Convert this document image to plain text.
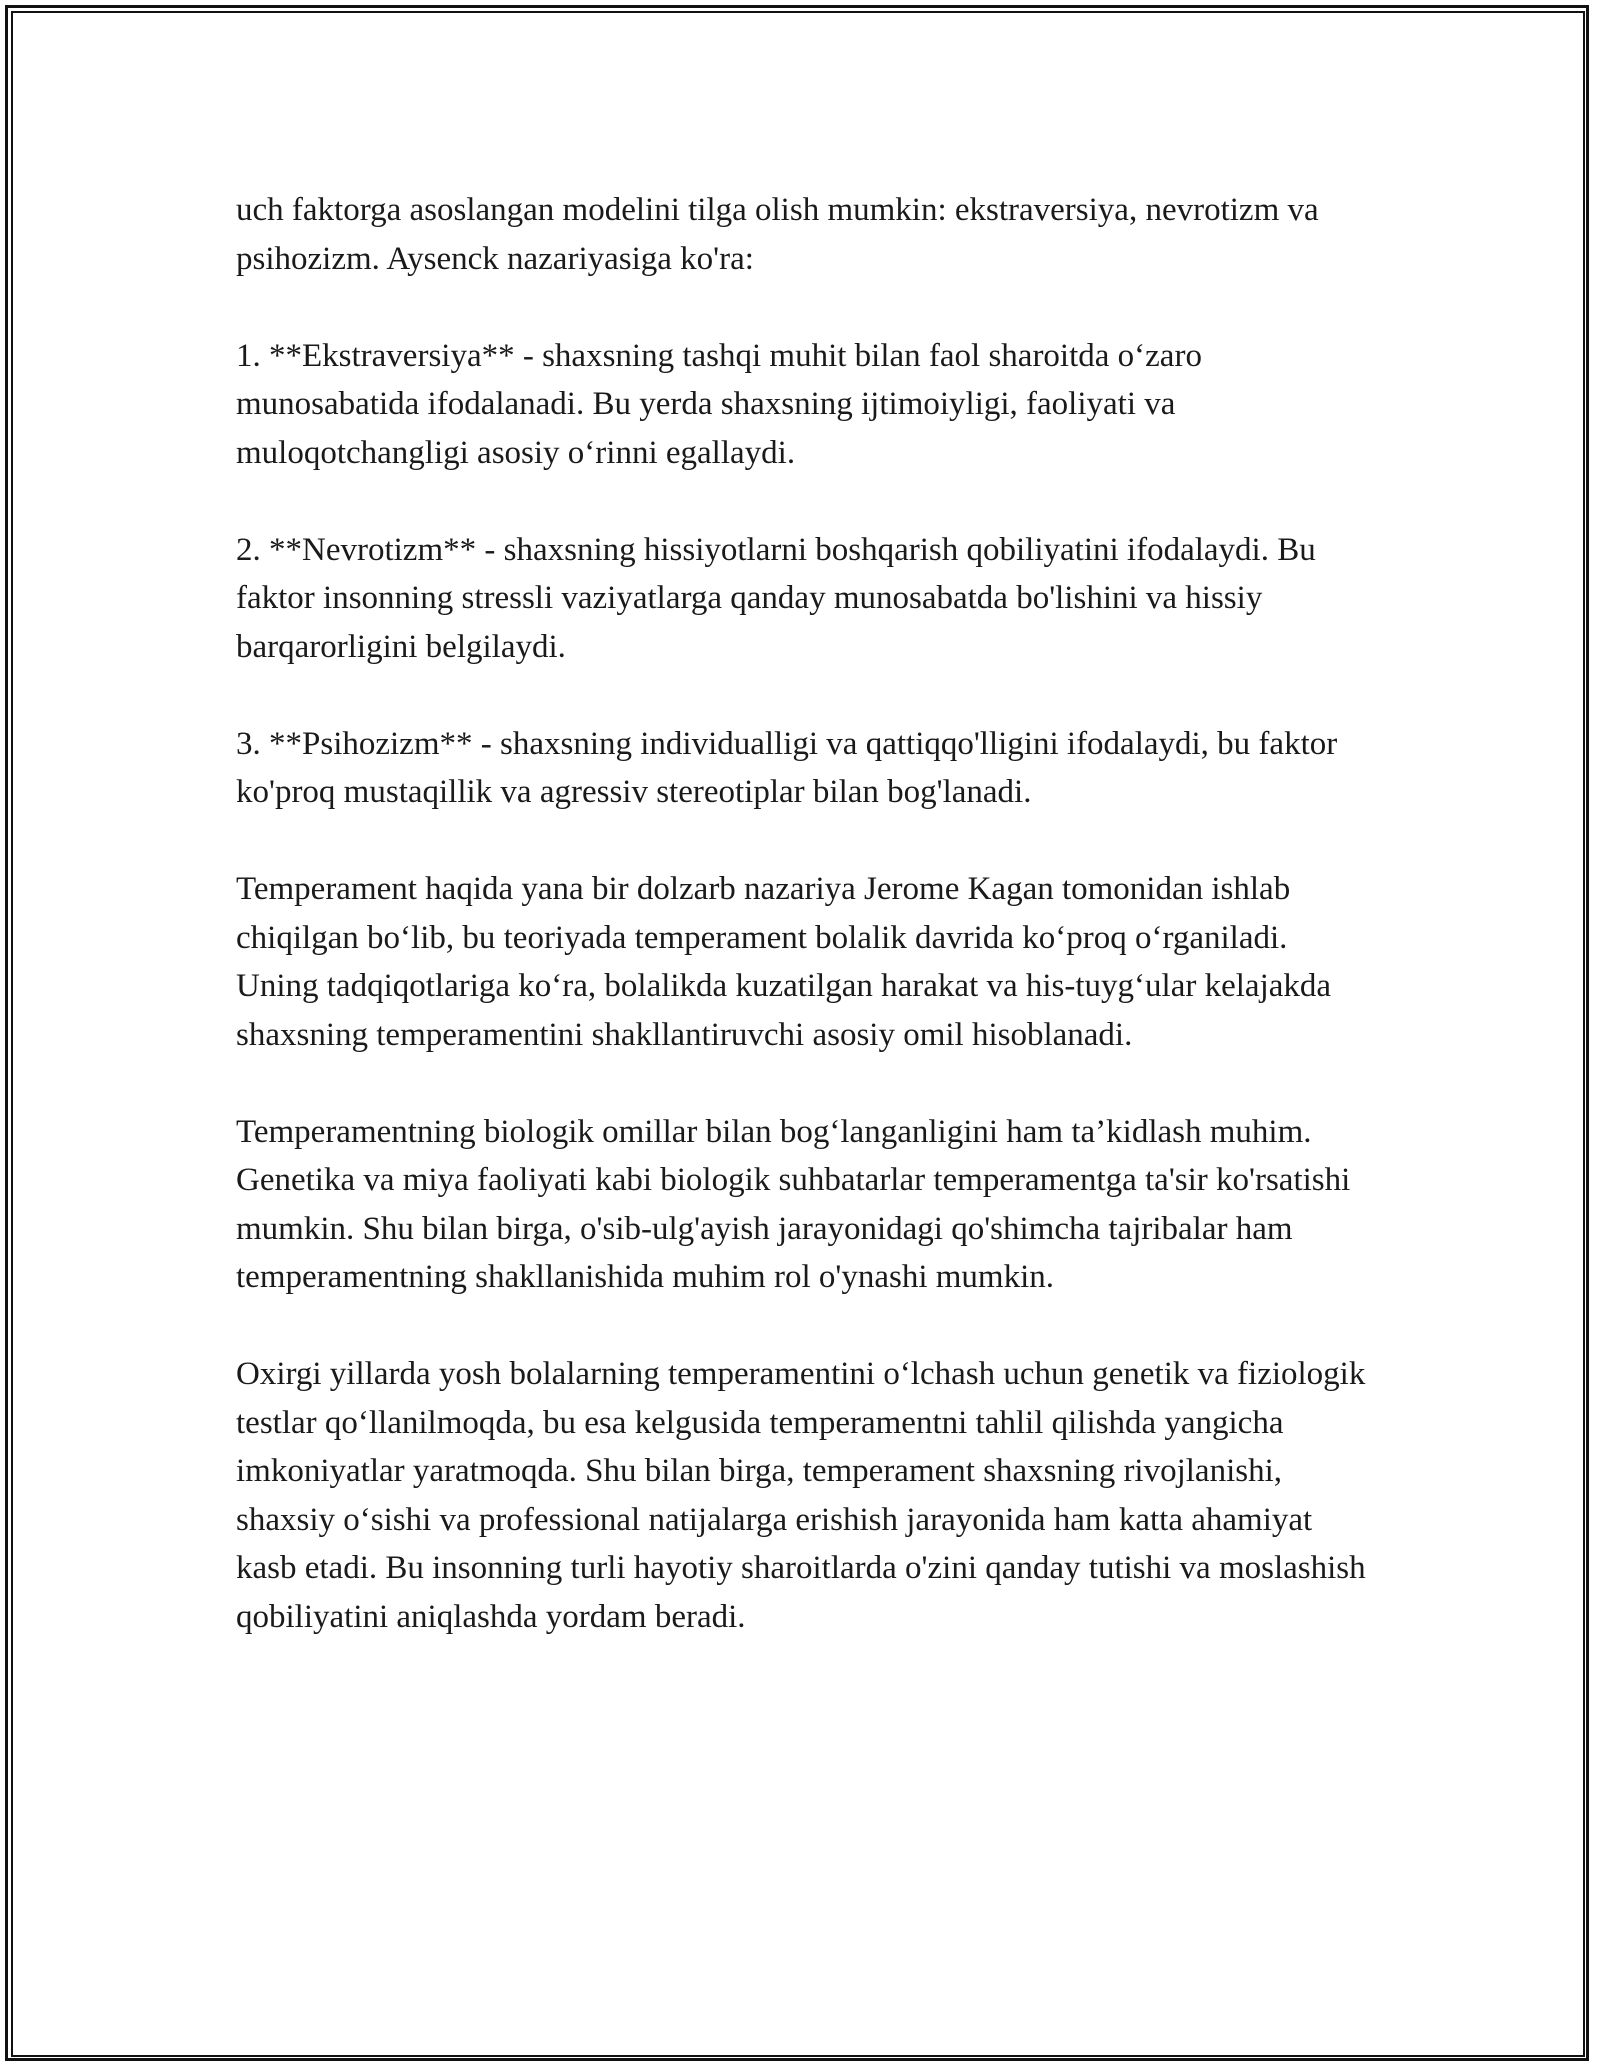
uch faktorga asoslangan modelini tilga olish mumkin: ekstraversiya, nevrotizm va psihozizm. Aysenck nazariyasiga ko'ra:

1. **Ekstraversiya** - shaxsning tashqi muhit bilan faol sharoitda o‘zaro munosabatida ifodalanadi. Bu yerda shaxsning ijtimoiyligi, faoliyati va muloqotchangligi asosiy o‘rinni egallaydi.

2. **Nevrotizm** - shaxsning hissiyotlarni boshqarish qobiliyatini ifodalaydi. Bu faktor insonning stressli vaziyatlarga qanday munosabatda bo'lishini va hissiy barqarorligini belgilaydi.

3. **Psihozizm** - shaxsning individualligi va qattiqqo'lligini ifodalaydi, bu faktor ko'proq mustaqillik va agressiv stereotiplar bilan bog'lanadi.

Temperament haqida yana bir dolzarb nazariya Jerome Kagan tomonidan ishlab chiqilgan bo‘lib, bu teoriyada temperament bolalik davrida ko‘proq o‘rganiladi. Uning tadqiqotlariga ko‘ra, bolalikda kuzatilgan harakat va his-tuyg‘ular kelajakda shaxsning temperamentini shakllantiruvchi asosiy omil hisoblanadi.

Temperamentning biologik omillar bilan bog‘langanligini ham ta’kidlash muhim. Genetika va miya faoliyati kabi biologik suhbatarlar temperamentga ta'sir ko'rsatishi mumkin. Shu bilan birga, o'sib-ulg'ayish jarayonidagi qo'shimcha tajribalar ham temperamentning shakllanishida muhim rol o'ynashi mumkin.

Oxirgi yillarda yosh bolalarning temperamentini o‘lchash uchun genetik va fiziologik testlar qo‘llanilmoqda, bu esa kelgusida temperamentni tahlil qilishda yangicha imkoniyatlar yaratmoqda. Shu bilan birga, temperament shaxsning rivojlanishi, shaxsiy o‘sishi va professional natijalarga erishish jarayonida ham katta ahamiyat kasb etadi. Bu insonning turli hayotiy sharoitlarda o'zini qanday tutishi va moslashish qobiliyatini aniqlashda yordam beradi.
